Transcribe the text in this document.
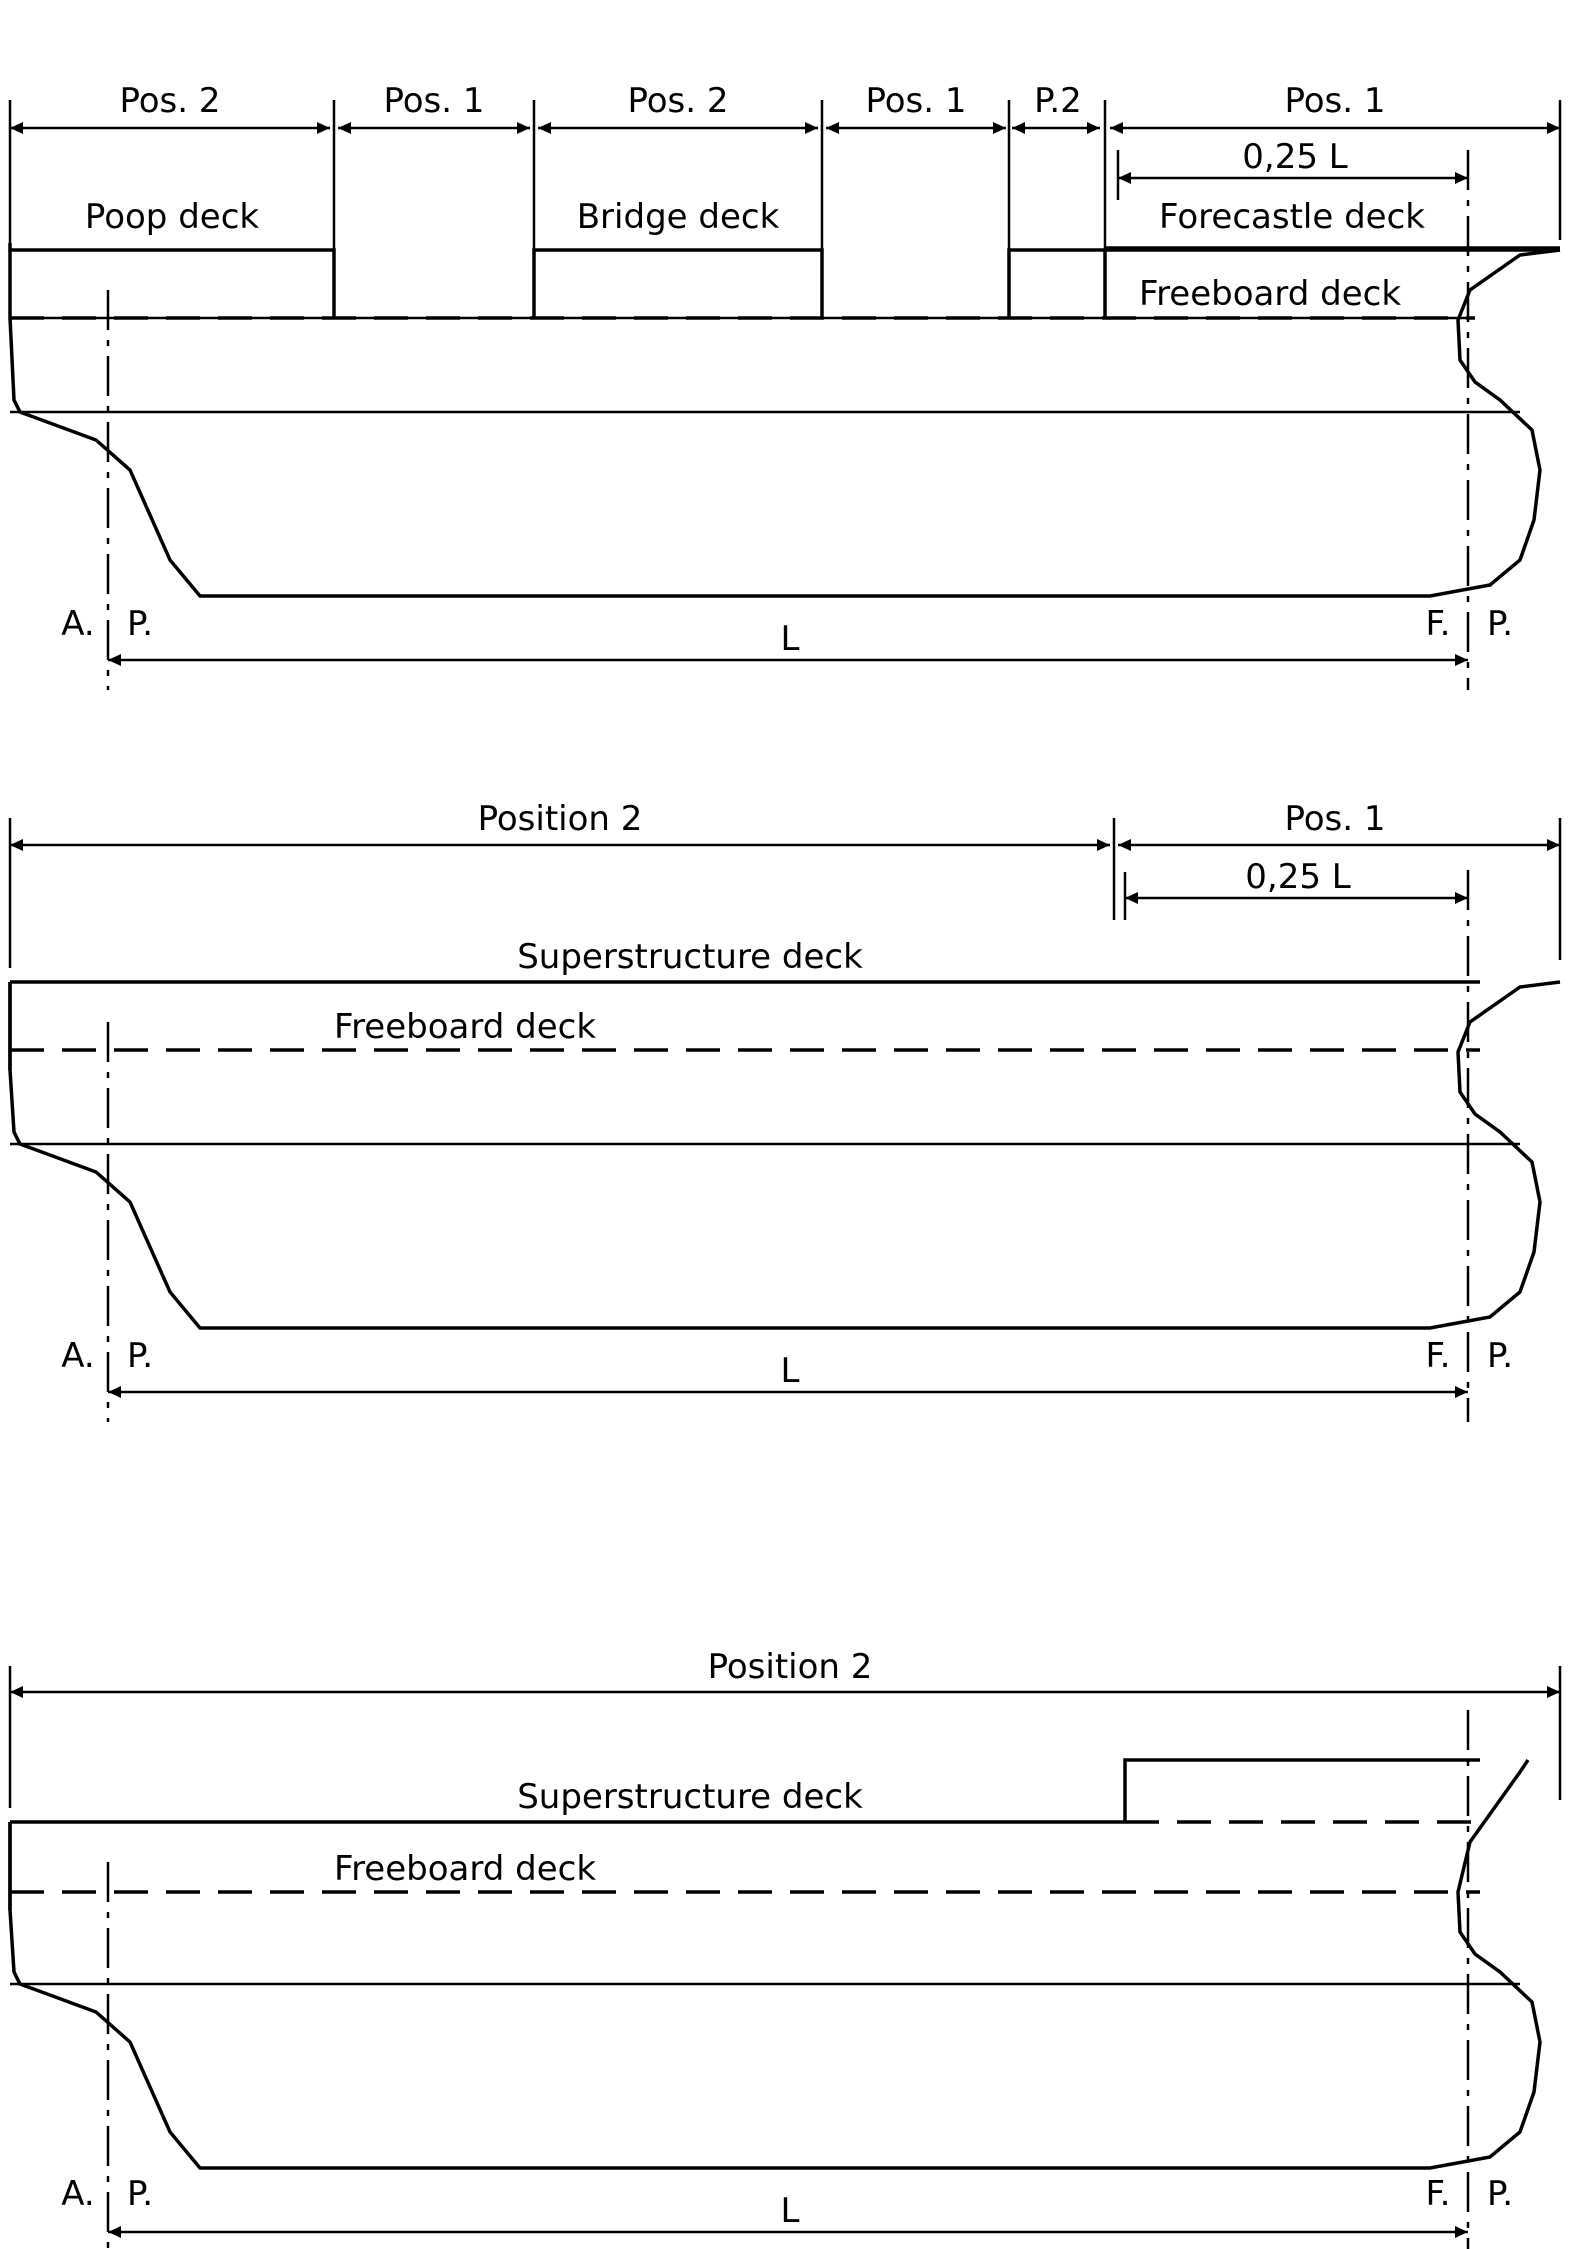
Pos. 2	Pos. 1	Pos. 2	Pos. 1 P.2	Pos. 1
0,25 L
Poop deck	Bridge deck	Forecastle deck
Freeboard deck
A. P.	F. P.
L
Position 2	Pos. 1
0,25 L
Superstructure deck
Freeboard deck
A. P.	F. P.
L
Position 2
Superstructure deck
Freeboard deck
A. P.	F. P.
L
